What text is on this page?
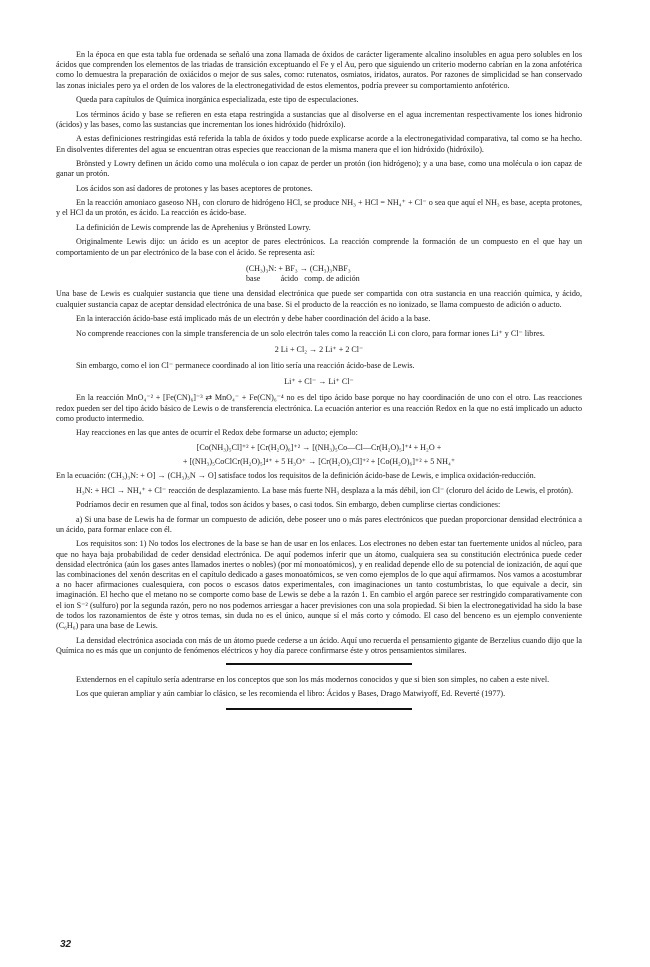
En la época en que esta tabla fue ordenada se señaló una zona llamada de óxidos de carácter ligeramente alcalino insolubles en agua pero solubles en los ácidos que comprenden los elementos de las triadas de transición exceptuando el Fe y el Au, pero que siguiendo un criterio moderno cabrían en la zona anfotérica como lo demuestra la preparación de oxiácidos o mejor de sus sales, como: rutenatos, osmiatos, iridatos, auratos. Por razones de simplicidad se han conservado las zonas iniciales pero ya el orden de los valores de la electronegatividad de estos elementos, podría preveer su comportamiento anfotérico.

Queda para capítulos de Química inorgánica especializada, este tipo de especulaciones.

Los términos ácido y base se refieren en esta etapa restringida a sustancias que al disolverse en el agua incrementan respectivamente los iones hidronio (ácidos) y las bases, como las sustancias que incrementan los iones hidróxido (hidróxilo).

A estas definiciones restringidas está referida la tabla de óxidos y todo puede explicarse acorde a la electronegatividad comparativa, tal como se ha hecho. En disolventes diferentes del agua se encuentran otras especies que reaccionan de la misma manera que el ion hidróxido (hidróxilo).

Brönsted y Lowry definen un ácido como una molécula o ion capaz de perder un protón (ion hidrógeno); y a una base, como una molécula o ion capaz de ganar un protón.

Los ácidos son así dadores de protones y las bases aceptores de protones.

En la reacción amoniaco gaseoso NH₃ con cloruro de hidrógeno HCl, se produce NH₃ + HCl = NH₄⁺ + Cl⁻ o sea que aquí el NH₃ es base, acepta protones, y el HCl da un protón, es ácido. La reacción es ácido-base.

La definición de Lewis comprende las de Aprehenius y Brönsted Lowry.

Originalmente Lewis dijo: un ácido es un aceptor de pares electrónicos. La reacción comprende la formación de un compuesto en el que hay un comportamiento de un par electrónico de la base con el ácido. Se representa así:

(CH₃)₃N: + BF₃ → (CH₃)₃NBF₃
base          ácido   comp. de adición

Una base de Lewis es cualquier sustancia que tiene una densidad electrónica que puede ser compartida con otra sustancia en una reacción química, y ácido, cualquier sustancia capaz de aceptar densidad electrónica de una base. Si el producto de la reacción es no ionizado, se llama compuesto de adición o aducto.

En la interacción ácido-base está implicado más de un electrón y debe haber coordinación del ácido a la base.

No comprende reacciones con la simple transferencia de un solo electrón tales como la reacción Li con cloro, para formar iones Li⁺ y Cl⁻ libres.

2 Li + Cl₂ → 2 Li⁺ + 2 Cl⁻

Sin embargo, como el ion Cl⁻ permanece coordinado al ion litio sería una reacción ácido-base de Lewis.

Li⁺ + Cl⁻ → Li⁺ Cl⁻

En la reacción MnO₄⁻² + [Fe(CN)₆]⁻³ ⇄ MnO₄⁻ + Fe(CN)₆⁻⁴ no es del tipo ácido base porque no hay coordinación de uno con el otro. Las reacciones redox pueden ser del tipo ácido básico de Lewis o de transferencia electrónica. La ecuación anterior es una reacción Redox en la que no está implicado un aducto como producto intermedio.

Hay reacciones en las que antes de ocurrir el Redox debe formarse un aducto; ejemplo:

[Co(NH₃)₅Cl]⁺² + [Cr(H₂O)₆]⁺² → [(NH₃)₅Co—Cl—Cr(H₂O)₅]⁺⁴ + H₂O +
+ [(NH₃)₅CoClCr(H₂O)₅]⁴⁺ + 5 H₃O⁺ → [Cr(H₂O)₅Cl]⁺² + [Co(H₂O)₆]⁺² + 5 NH₄⁺

En la ecuación: (CH₃)₃N: + O] → (CH₃)₃N → O] satisface todos los requisitos de la definición ácido-base de Lewis, e implica oxidación-reducción.

H₃N: + HCl → NH₄⁺ + Cl⁻ reacción de desplazamiento. La base más fuerte NH₃ desplaza a la más débil, ion Cl⁻ (cloruro del ácido de Lewis, el protón).

Podríamos decir en resumen que al final, todos son ácidos y bases, o casi todos. Sin embargo, deben cumplirse ciertas condiciones:

a) Si una base de Lewis ha de formar un compuesto de adición, debe poseer uno o más pares electrónicos que puedan proporcionar densidad electrónica a un ácido, para formar enlace con él.

Los requisitos son: 1) No todos los electrones de la base se han de usar en los enlaces. Los electrones no deben estar tan fuertemente unidos al núcleo, para que no haya baja probabilidad de ceder densidad electrónica. De aquí podemos inferir que un átomo, cualquiera sea su constitución electrónica puede ceder densidad electrónica (aún los gases antes llamados inertes o nobles) (por mí monoatómicos), y en realidad depende ello de su potencial de ionización, de aquí que las combinaciones del xenón descritas en el capítulo dedicado a gases monoatómicos, se ven como ejemplos de lo que aquí afirmamos. Nos vamos a acostumbrar a no hacer afirmaciones cualesquiera, con pocos o escasos datos experimentales, con imaginaciones un tanto costumbristas, lo que equivale a decir, sin imaginación. El hecho que el metano no se comporte como base de Lewis se debe a la razón 1. En cambio el argón parece ser restringido comparativamente con el ion S⁻² (sulfuro) por la segunda razón, pero no nos podemos arriesgar a hacer previsiones con una sola propiedad. Si bien la electronegatividad ha sido la base de todos los razonamientos de éste y otros temas, sin duda no es el único, aunque sí el más corto y cómodo. El caso del benceno es un ejemplo conveniente (C₆H₆) para una base de Lewis.

La densidad electrónica asociada con más de un átomo puede cederse a un ácido. Aquí uno recuerda el pensamiento gigante de Berzelius cuando dijo que la Química no es más que un conjunto de fenómenos eléctricos y hoy día parece confirmarse éste y otros pensamientos similares.

Extendernos en el capítulo sería adentrarse en los conceptos que son los más modernos conocidos y que si bien son simples, no caben a este nivel.

Los que quieran ampliar y aún cambiar lo clásico, se les recomienda el libro: Ácidos y Bases, Drago Matwiyoff, Ed. Reverté (1977).

32
